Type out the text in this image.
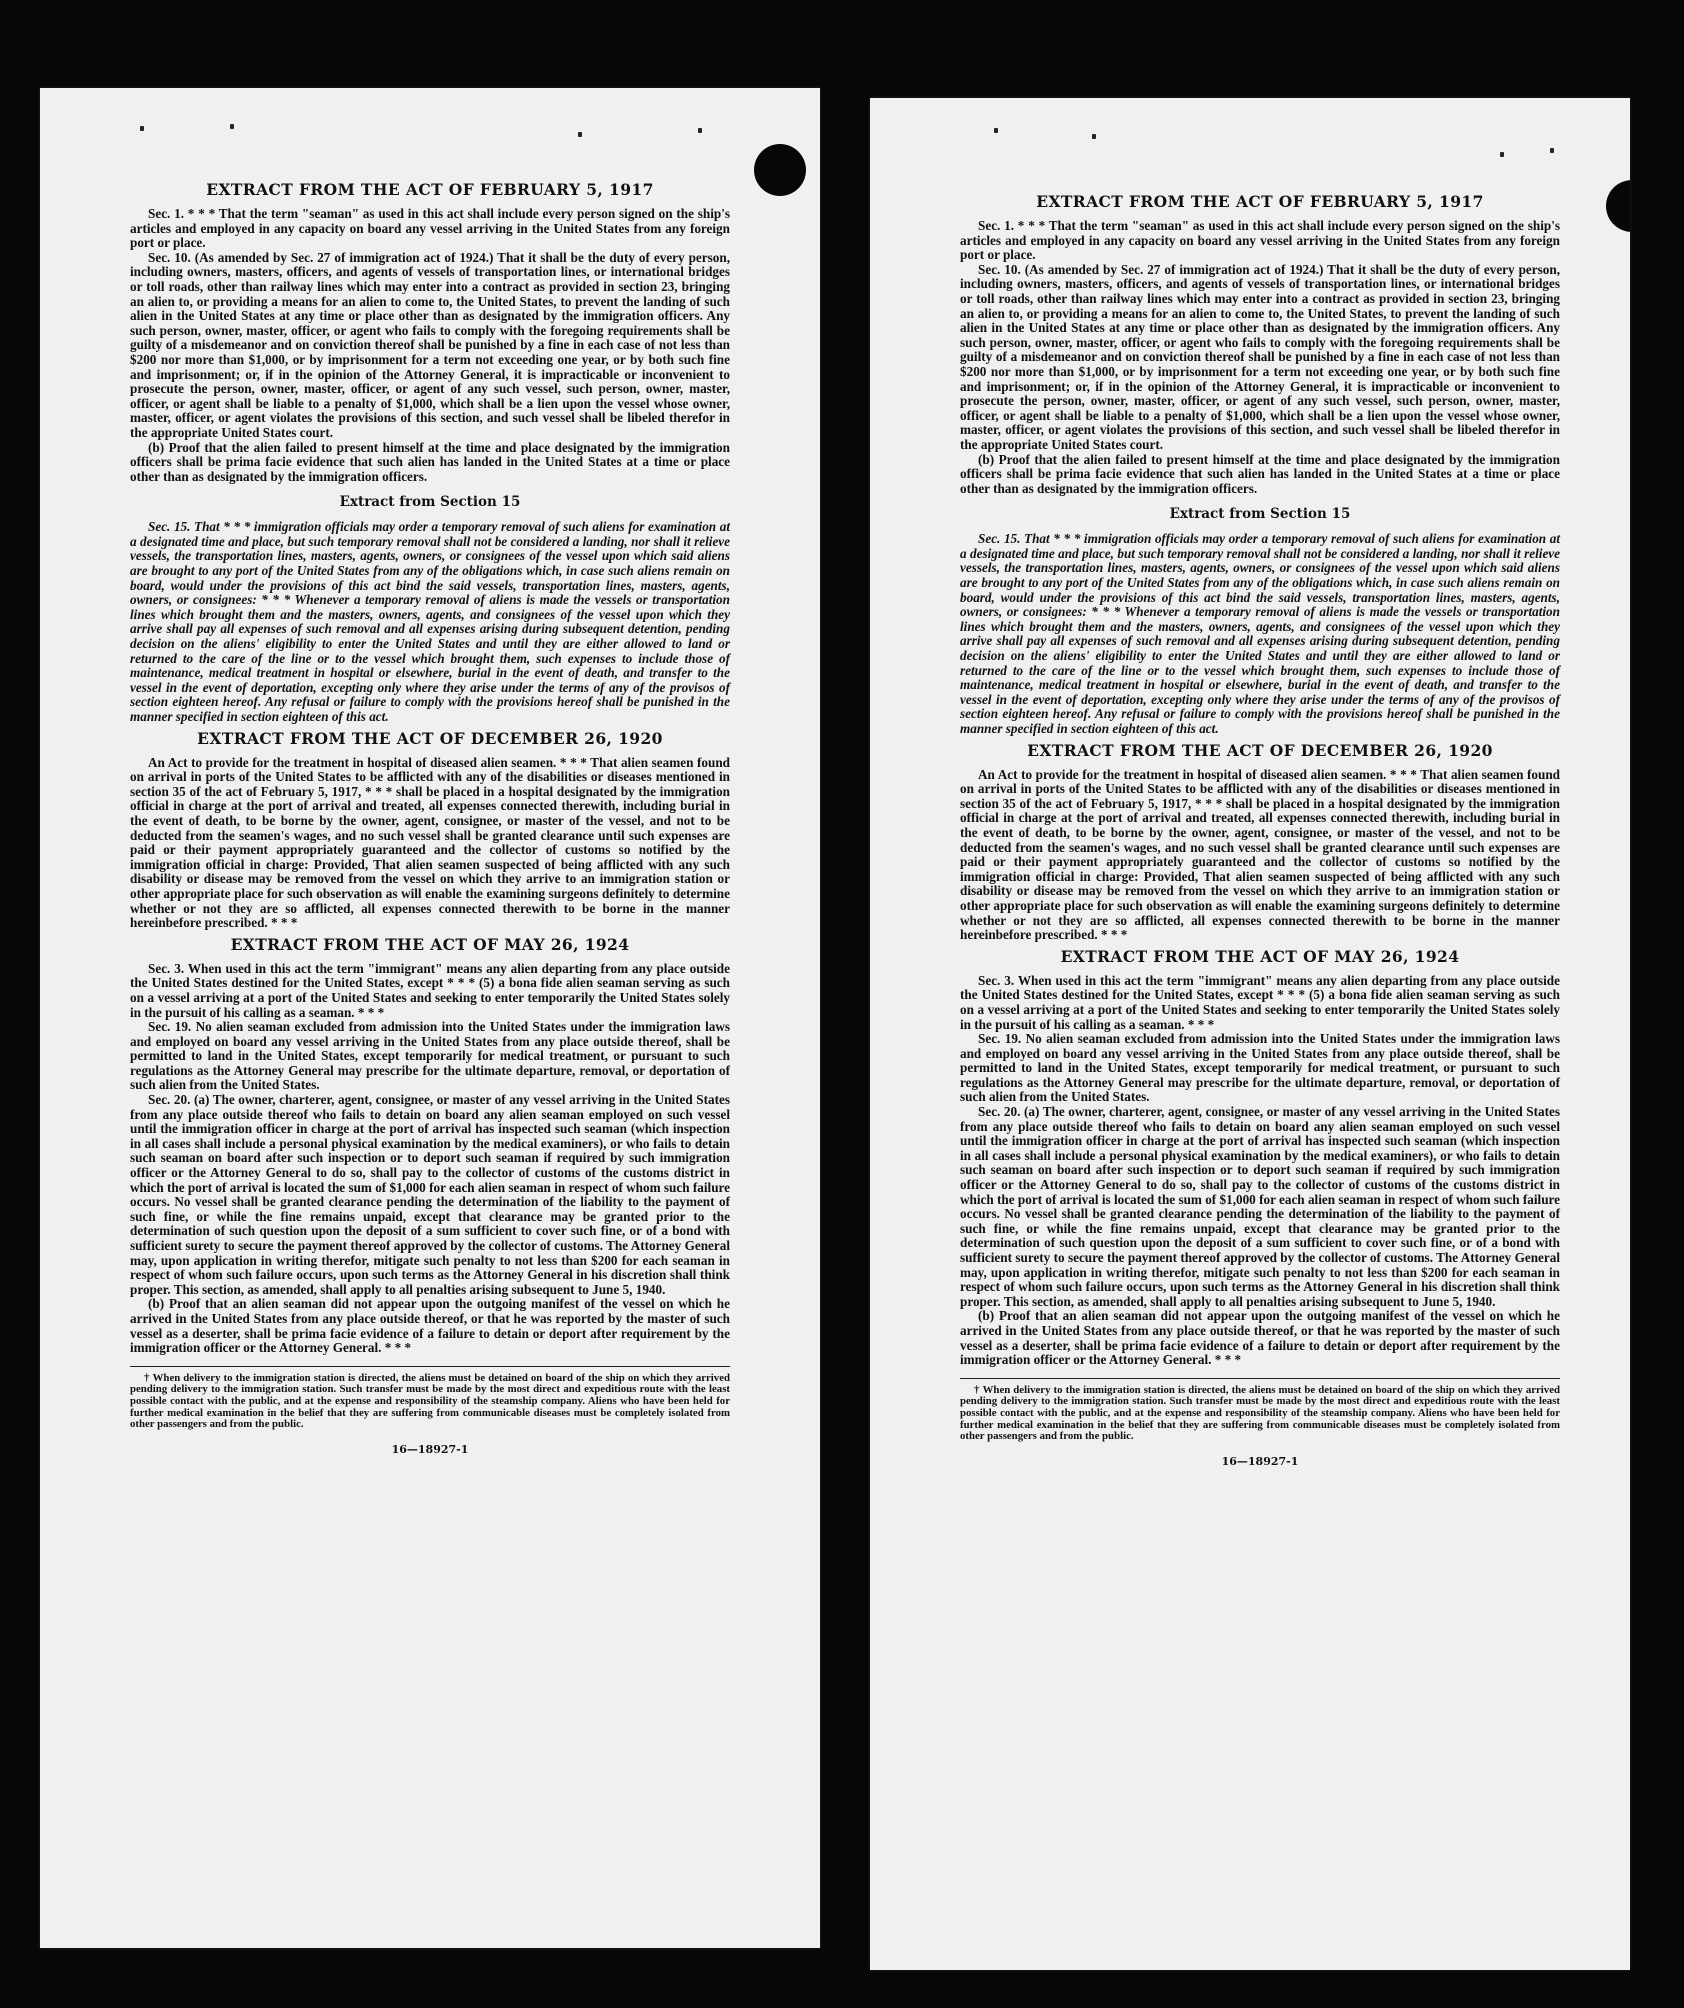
EXTRACT FROM THE ACT OF FEBRUARY 5, 1917

Sec. 1. * * * That the term "seaman" as used in this act shall include every person signed on the ship's articles and employed in any capacity on board any vessel arriving in the United States from any foreign port or place.

Sec. 10. (As amended by Sec. 27 of immigration act of 1924.) That it shall be the duty of every person, including owners, masters, officers, and agents of vessels of transportation lines, or international bridges or toll roads, other than railway lines which may enter into a contract as provided in section 23, bringing an alien to, or providing a means for an alien to come to, the United States, to prevent the landing of such alien in the United States at any time or place other than as designated by the immigration officers. Any such person, owner, master, officer, or agent who fails to comply with the foregoing requirements shall be guilty of a misdemeanor and on conviction thereof shall be punished by a fine in each case of not less than $200 nor more than $1,000, or by imprisonment for a term not exceeding one year, or by both such fine and imprisonment; or, if in the opinion of the Attorney General, it is impracticable or inconvenient to prosecute the person, owner, master, officer, or agent of any such vessel, such person, owner, master, officer, or agent shall be liable to a penalty of $1,000, which shall be a lien upon the vessel whose owner, master, officer, or agent violates the provisions of this section, and such vessel shall be libeled therefor in the appropriate United States court.

(b) Proof that the alien failed to present himself at the time and place designated by the immigration officers shall be prima facie evidence that such alien has landed in the United States at a time or place other than as designated by the immigration officers.

Extract from Section 15

Sec. 15. That * * * immigration officials may order a temporary removal of such aliens for examination at a designated time and place, but such temporary removal shall not be considered a landing, nor shall it relieve vessels, the transportation lines, masters, agents, owners, or consignees of the vessel upon which said aliens are brought to any port of the United States from any of the obligations which, in case such aliens remain on board, would under the provisions of this act bind the said vessels, transportation lines, masters, agents, owners, or consignees: * * * Whenever a temporary removal of aliens is made the vessels or transportation lines which brought them and the masters, owners, agents, and consignees of the vessel upon which they arrive shall pay all expenses of such removal and all expenses arising during subsequent detention, pending decision on the aliens' eligibility to enter the United States and until they are either allowed to land or returned to the care of the line or to the vessel which brought them, such expenses to include those of maintenance, medical treatment in hospital or elsewhere, burial in the event of death, and transfer to the vessel in the event of deportation, excepting only where they arise under the terms of any of the provisos of section eighteen hereof. Any refusal or failure to comply with the provisions hereof shall be punished in the manner specified in section eighteen of this act.

EXTRACT FROM THE ACT OF DECEMBER 26, 1920

An Act to provide for the treatment in hospital of diseased alien seamen. * * * That alien seamen found on arrival in ports of the United States to be afflicted with any of the disabilities or diseases mentioned in section 35 of the act of February 5, 1917, * * * shall be placed in a hospital designated by the immigration official in charge at the port of arrival and treated, all expenses connected therewith, including burial in the event of death, to be borne by the owner, agent, consignee, or master of the vessel, and not to be deducted from the seamen's wages, and no such vessel shall be granted clearance until such expenses are paid or their payment appropriately guaranteed and the collector of customs so notified by the immigration official in charge: Provided, That alien seamen suspected of being afflicted with any such disability or disease may be removed from the vessel on which they arrive to an immigration station or other appropriate place for such observation as will enable the examining surgeons definitely to determine whether or not they are so afflicted, all expenses connected therewith to be borne in the manner hereinbefore prescribed. * * *

EXTRACT FROM THE ACT OF MAY 26, 1924

Sec. 3. When used in this act the term "immigrant" means any alien departing from any place outside the United States destined for the United States, except * * * (5) a bona fide alien seaman serving as such on a vessel arriving at a port of the United States and seeking to enter temporarily the United States solely in the pursuit of his calling as a seaman. * * *

Sec. 19. No alien seaman excluded from admission into the United States under the immigration laws and employed on board any vessel arriving in the United States from any place outside thereof, shall be permitted to land in the United States, except temporarily for medical treatment, or pursuant to such regulations as the Attorney General may prescribe for the ultimate departure, removal, or deportation of such alien from the United States.

Sec. 20. (a) The owner, charterer, agent, consignee, or master of any vessel arriving in the United States from any place outside thereof who fails to detain on board any alien seaman employed on such vessel until the immigration officer in charge at the port of arrival has inspected such seaman (which inspection in all cases shall include a personal physical examination by the medical examiners), or who fails to detain such seaman on board after such inspection or to deport such seaman if required by such immigration officer or the Attorney General to do so, shall pay to the collector of customs of the customs district in which the port of arrival is located the sum of $1,000 for each alien seaman in respect of whom such failure occurs. No vessel shall be granted clearance pending the determination of the liability to the payment of such fine, or while the fine remains unpaid, except that clearance may be granted prior to the determination of such question upon the deposit of a sum sufficient to cover such fine, or of a bond with sufficient surety to secure the payment thereof approved by the collector of customs. The Attorney General may, upon application in writing therefor, mitigate such penalty to not less than $200 for each seaman in respect of whom such failure occurs, upon such terms as the Attorney General in his discretion shall think proper. This section, as amended, shall apply to all penalties arising subsequent to June 5, 1940.

(b) Proof that an alien seaman did not appear upon the outgoing manifest of the vessel on which he arrived in the United States from any place outside thereof, or that he was reported by the master of such vessel as a deserter, shall be prima facie evidence of a failure to detain or deport after requirement by the immigration officer or the Attorney General. * * *

† When delivery to the immigration station is directed, the aliens must be detained on board of the ship on which they arrived pending delivery to the immigration station. Such transfer must be made by the most direct and expeditious route with the least possible contact with the public, and at the expense and responsibility of the steamship company. Aliens who have been held for further medical examination in the belief that they are suffering from communicable diseases must be completely isolated from other passengers and from the public.

16—18927-1
EXTRACT FROM THE ACT OF FEBRUARY 5, 1917

Sec. 1. * * * That the term "seaman" as used in this act shall include every person signed on the ship's articles and employed in any capacity on board any vessel arriving in the United States from any foreign port or place.

Sec. 10. (As amended by Sec. 27 of immigration act of 1924.) That it shall be the duty of every person, including owners, masters, officers, and agents of vessels of transportation lines, or international bridges or toll roads, other than railway lines which may enter into a contract as provided in section 23, bringing an alien to, or providing a means for an alien to come to, the United States, to prevent the landing of such alien in the United States at any time or place other than as designated by the immigration officers. Any such person, owner, master, officer, or agent who fails to comply with the foregoing requirements shall be guilty of a misdemeanor and on conviction thereof shall be punished by a fine in each case of not less than $200 nor more than $1,000, or by imprisonment for a term not exceeding one year, or by both such fine and imprisonment; or, if in the opinion of the Attorney General, it is impracticable or inconvenient to prosecute the person, owner, master, officer, or agent of any such vessel, such person, owner, master, officer, or agent shall be liable to a penalty of $1,000, which shall be a lien upon the vessel whose owner, master, officer, or agent violates the provisions of this section, and such vessel shall be libeled therefor in the appropriate United States court.

(b) Proof that the alien failed to present himself at the time and place designated by the immigration officers shall be prima facie evidence that such alien has landed in the United States at a time or place other than as designated by the immigration officers.

Extract from Section 15

Sec. 15. That * * * immigration officials may order a temporary removal of such aliens for examination at a designated time and place, but such temporary removal shall not be considered a landing, nor shall it relieve vessels, the transportation lines, masters, agents, owners, or consignees of the vessel upon which said aliens are brought to any port of the United States from any of the obligations which, in case such aliens remain on board, would under the provisions of this act bind the said vessels, transportation lines, masters, agents, owners, or consignees: * * * Whenever a temporary removal of aliens is made the vessels or transportation lines which brought them and the masters, owners, agents, and consignees of the vessel upon which they arrive shall pay all expenses of such removal and all expenses arising during subsequent detention, pending decision on the aliens' eligibility to enter the United States and until they are either allowed to land or returned to the care of the line or to the vessel which brought them, such expenses to include those of maintenance, medical treatment in hospital or elsewhere, burial in the event of death, and transfer to the vessel in the event of deportation, excepting only where they arise under the terms of any of the provisos of section eighteen hereof. Any refusal or failure to comply with the provisions hereof shall be punished in the manner specified in section eighteen of this act.

EXTRACT FROM THE ACT OF DECEMBER 26, 1920

An Act to provide for the treatment in hospital of diseased alien seamen. * * * That alien seamen found on arrival in ports of the United States to be afflicted with any of the disabilities or diseases mentioned in section 35 of the act of February 5, 1917, * * * shall be placed in a hospital designated by the immigration official in charge at the port of arrival and treated, all expenses connected therewith, including burial in the event of death, to be borne by the owner, agent, consignee, or master of the vessel, and not to be deducted from the seamen's wages, and no such vessel shall be granted clearance until such expenses are paid or their payment appropriately guaranteed and the collector of customs so notified by the immigration official in charge: Provided, That alien seamen suspected of being afflicted with any such disability or disease may be removed from the vessel on which they arrive to an immigration station or other appropriate place for such observation as will enable the examining surgeons definitely to determine whether or not they are so afflicted, all expenses connected therewith to be borne in the manner hereinbefore prescribed. * * *

EXTRACT FROM THE ACT OF MAY 26, 1924

Sec. 3. When used in this act the term "immigrant" means any alien departing from any place outside the United States destined for the United States, except * * * (5) a bona fide alien seaman serving as such on a vessel arriving at a port of the United States and seeking to enter temporarily the United States solely in the pursuit of his calling as a seaman. * * *

Sec. 19. No alien seaman excluded from admission into the United States under the immigration laws and employed on board any vessel arriving in the United States from any place outside thereof, shall be permitted to land in the United States, except temporarily for medical treatment, or pursuant to such regulations as the Attorney General may prescribe for the ultimate departure, removal, or deportation of such alien from the United States.

Sec. 20. (a) The owner, charterer, agent, consignee, or master of any vessel arriving in the United States from any place outside thereof who fails to detain on board any alien seaman employed on such vessel until the immigration officer in charge at the port of arrival has inspected such seaman (which inspection in all cases shall include a personal physical examination by the medical examiners), or who fails to detain such seaman on board after such inspection or to deport such seaman if required by such immigration officer or the Attorney General to do so, shall pay to the collector of customs of the customs district in which the port of arrival is located the sum of $1,000 for each alien seaman in respect of whom such failure occurs. No vessel shall be granted clearance pending the determination of the liability to the payment of such fine, or while the fine remains unpaid, except that clearance may be granted prior to the determination of such question upon the deposit of a sum sufficient to cover such fine, or of a bond with sufficient surety to secure the payment thereof approved by the collector of customs. The Attorney General may, upon application in writing therefor, mitigate such penalty to not less than $200 for each seaman in respect of whom such failure occurs, upon such terms as the Attorney General in his discretion shall think proper. This section, as amended, shall apply to all penalties arising subsequent to June 5, 1940.

(b) Proof that an alien seaman did not appear upon the outgoing manifest of the vessel on which he arrived in the United States from any place outside thereof, or that he was reported by the master of such vessel as a deserter, shall be prima facie evidence of a failure to detain or deport after requirement by the immigration officer or the Attorney General. * * *

† When delivery to the immigration station is directed, the aliens must be detained on board of the ship on which they arrived pending delivery to the immigration station. Such transfer must be made by the most direct and expeditious route with the least possible contact with the public, and at the expense and responsibility of the steamship company. Aliens who have been held for further medical examination in the belief that they are suffering from communicable diseases must be completely isolated from other passengers and from the public.

16—18927-1
